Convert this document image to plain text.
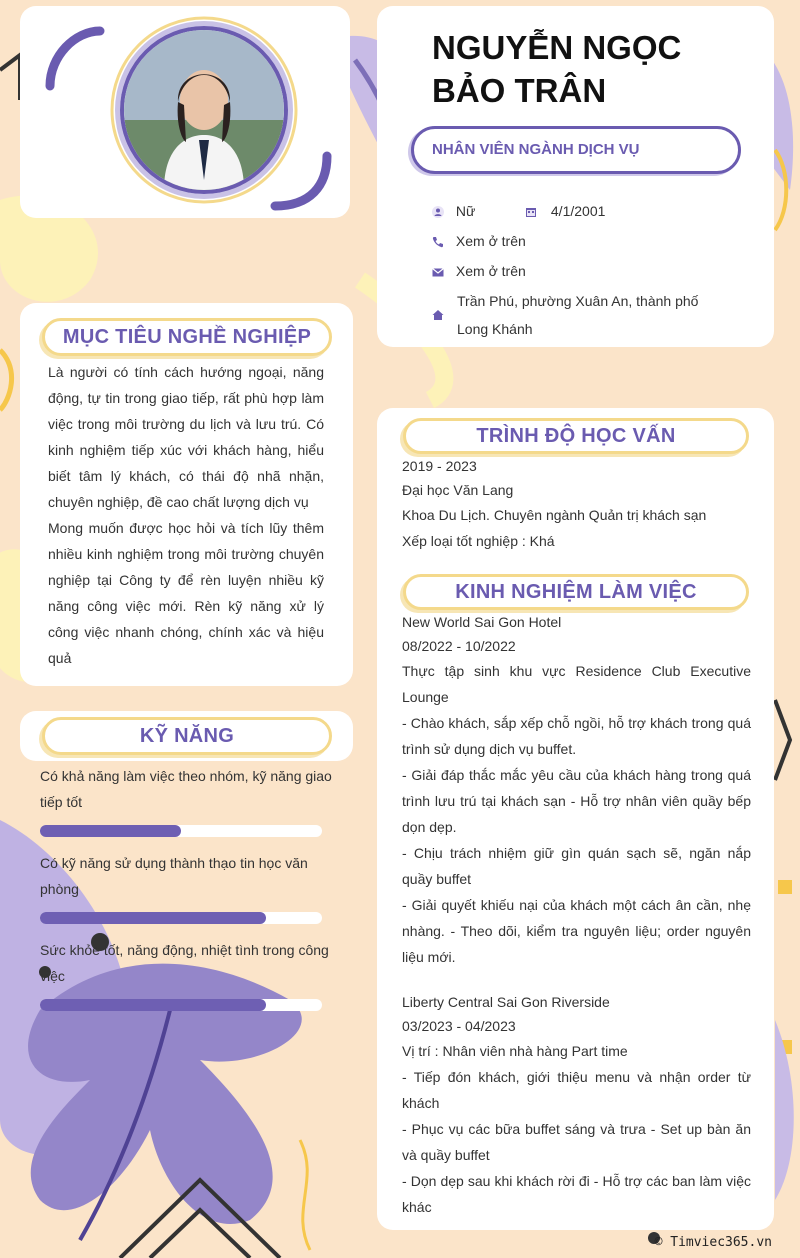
NGUYỄN NGỌC BẢO TRÂN
NHÂN VIÊN NGÀNH DỊCH VỤ
Nữ	4/1/2001
Xem ở trên
Xem ở trên
Trần Phú, phường Xuân An, thành phố Long Khánh
MỤC TIÊU NGHỀ NGHIỆP
Là người có tính cách hướng ngoại, năng động, tự tin trong giao tiếp, rất phù hợp làm việc trong môi trường du lịch và lưu trú. Có kinh nghiệm tiếp xúc với khách hàng, hiểu biết tâm lý khách, có thái độ nhã nhặn, chuyên nghiệp, đề cao chất lượng dịch vụ
Mong muốn được học hỏi và tích lũy thêm nhiều kinh nghiệm trong môi trường chuyên nghiệp tại Công ty để rèn luyện nhiều kỹ năng công việc mới. Rèn kỹ năng xử lý công việc nhanh chóng, chính xác và hiệu quả
KỸ NĂNG
Có khả năng làm việc theo nhóm, kỹ năng giao tiếp tốt
Có kỹ năng sử dụng thành thạo tin học văn phòng
Sức khỏe tốt, năng động, nhiệt tình trong công việc
TRÌNH ĐỘ HỌC VẤN
2019 - 2023
Đại học Văn Lang
Khoa Du Lịch. Chuyên ngành Quản trị khách sạn
Xếp loại tốt nghiệp : Khá
KINH NGHIỆM LÀM VIỆC
New World Sai Gon Hotel
08/2022 - 10/2022
Thực tập sinh khu vực Residence Club Executive Lounge
- Chào khách, sắp xếp chỗ ngồi, hỗ trợ khách trong quá trình sử dụng dịch vụ buffet.
- Giải đáp thắc mắc yêu cầu của khách hàng trong quá trình lưu trú tại khách sạn - Hỗ trợ nhân viên quầy bếp dọn dẹp.
- Chịu trách nhiệm giữ gìn quán sạch sẽ, ngăn nắp quầy buffet
- Giải quyết khiếu nại của khách một cách ân cần, nhẹ nhàng. - Theo dõi, kiểm tra nguyên liệu; order nguyên liệu mới.
Liberty Central Sai Gon Riverside
03/2023 - 04/2023
Vị trí : Nhân viên nhà hàng Part time
- Tiếp đón khách, giới thiệu menu và nhận order từ khách
- Phục vụ các bữa buffet sáng và trưa - Set up bàn ăn và quầy buffet
- Dọn dẹp sau khi khách rời đi - Hỗ trợ các ban làm việc khác
© Timviec365.vn
